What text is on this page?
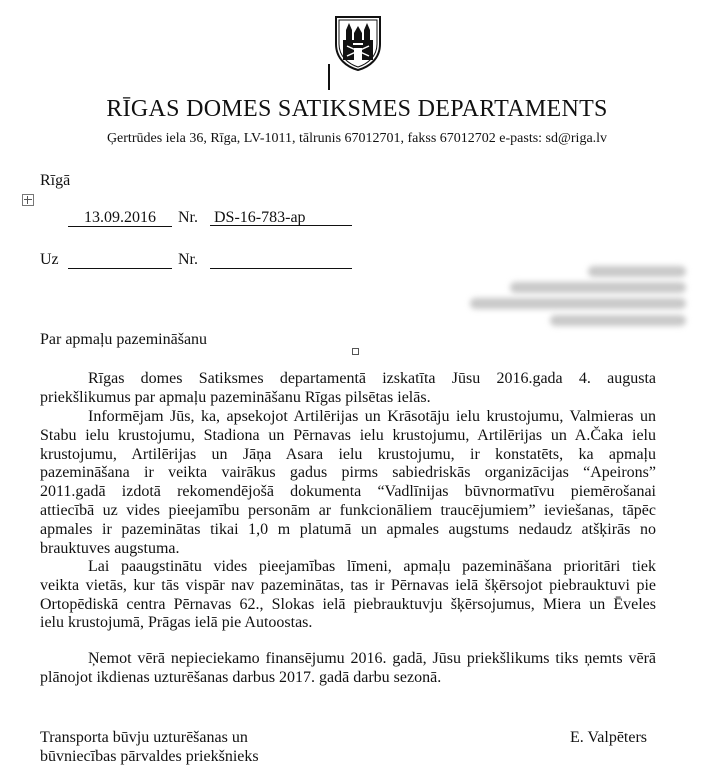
RĪGAS DOMES SATIKSMES DEPARTAMENTS
Ģertrūdes iela 36, Rīga, LV-1011, tālrunis 67012701, fakss 67012702 e-pasts: sd@riga.lv
Rīgā
13.09.2016	Nr. DS-16-783-ap
Uz	Nr.
Par apmaļu pazemināšanu
Rīgas domes Satiksmes departamentā izskatīta Jūsu 2016.gada 4. augusta
priekšlikumus par apmaļu pazemināšanu Rīgas pilsētas ielās.
Informējam Jūs, ka, apsekojot Artilērijas un Krāsotāju ielu krustojumu, Valmieras un
Stabu ielu krustojumu, Stadiona un Pērnavas ielu krustojumu, Artilērijas un A.Čaka ielu
krustojumu, Artilērijas un Jāņa Asara ielu krustojumu, ir konstatēts, ka apmaļu
pazemināšana ir veikta vairākus gadus pirms sabiedriskās organizācijas “Apeirons”
2011.gadā izdotā rekomendējošā dokumenta “Vadlīnijas būvnormatīvu piemērošanai
attiecībā uz vides pieejamību personām ar funkcionāliem traucējumiem” ieviešanas, tāpēc
apmales ir pazeminātas tikai 1,0 m platumā un apmales augstums nedaudz atšķirās no
brauktuves augstuma.
Lai paaugstinātu vides pieejamības līmeni, apmaļu pazemināšana prioritāri tiek
veikta vietās, kur tās vispār nav pazeminātas, tas ir Pērnavas ielā šķērsojot piebrauktuvi pie
Ortopēdiskā centra Pērnavas 62., Slokas ielā piebrauktuvju šķērsojumus, Miera un Ēveles
ielu krustojumā, Prāgas ielā pie Autoostas.
Ņemot vērā nepieciekamo finansējumu 2016. gadā, Jūsu priekšlikums tiks ņemts vērā
plānojot ikdienas uzturēšanas darbus 2017. gadā darbu sezonā.
Transporta būvju uzturēšanas un
būvniecības pārvaldes priekšnieks
E. Valpēters
